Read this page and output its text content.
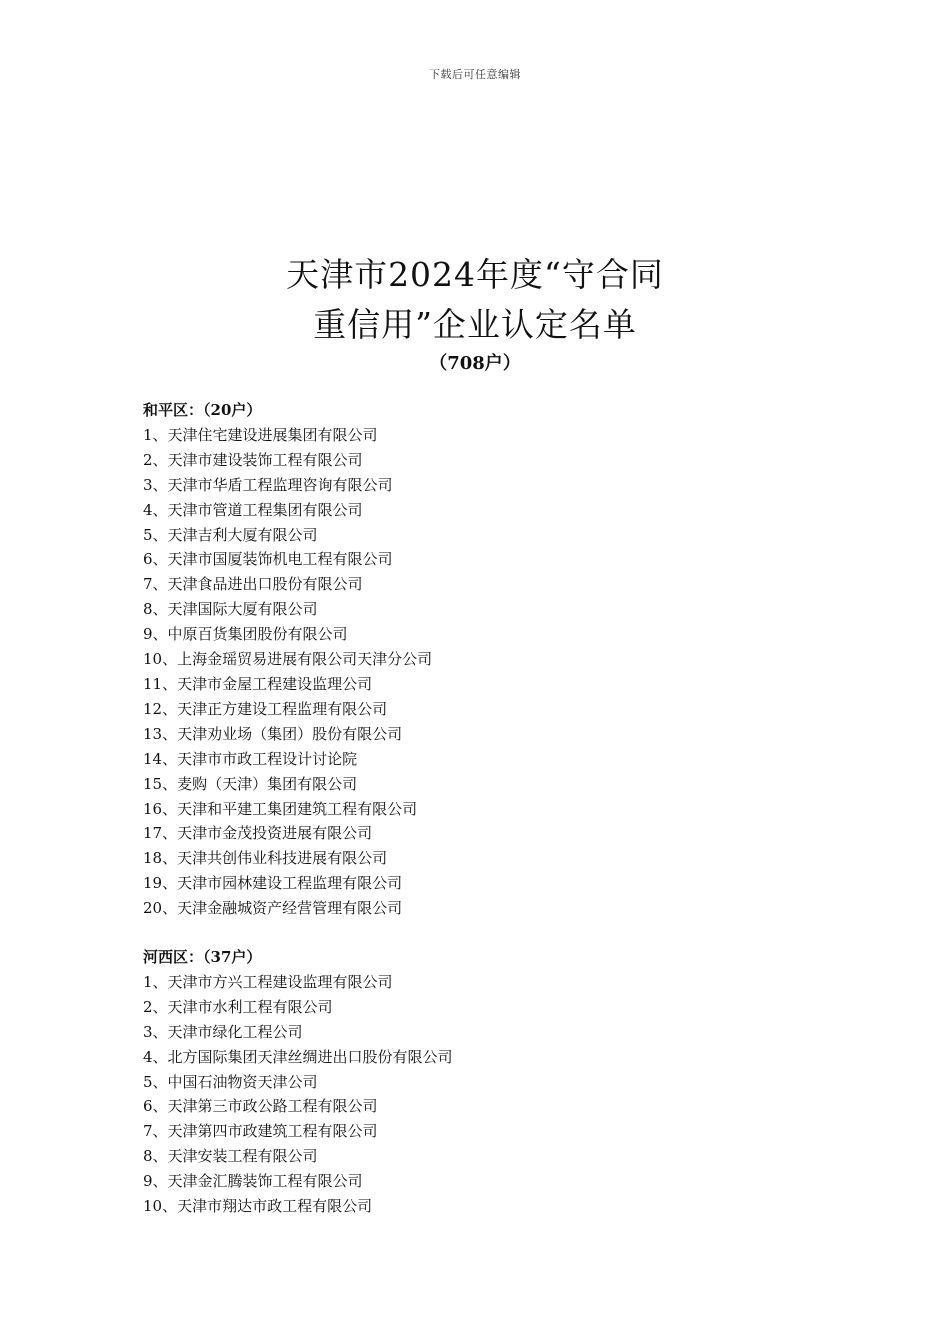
下载后可任意编辑
天津市2024年度“守合同
重信用”企业认定名单
（708户）
和平区：（20户）
1、天津住宅建设进展集团有限公司
2、天津市建设装饰工程有限公司
3、天津市华盾工程监理咨询有限公司
4、天津市管道工程集团有限公司
5、天津吉利大厦有限公司
6、天津市国厦装饰机电工程有限公司
7、天津食品进出口股份有限公司
8、天津国际大厦有限公司
9、中原百货集团股份有限公司
10、上海金瑶贸易进展有限公司天津分公司
11、天津市金屋工程建设监理公司
12、天津正方建设工程监理有限公司
13、天津劝业场（集团）股份有限公司
14、天津市市政工程设计讨论院
15、麦购（天津）集团有限公司
16、天津和平建工集团建筑工程有限公司
17、天津市金茂投资进展有限公司
18、天津共创伟业科技进展有限公司
19、天津市园林建设工程监理有限公司
20、天津金融城资产经营管理有限公司
河西区：（37户）
1、天津市方兴工程建设监理有限公司
2、天津市水利工程有限公司
3、天津市绿化工程公司
4、北方国际集团天津丝绸进出口股份有限公司
5、中国石油物资天津公司
6、天津第三市政公路工程有限公司
7、天津第四市政建筑工程有限公司
8、天津安装工程有限公司
9、天津金汇腾装饰工程有限公司
10、天津市翔达市政工程有限公司
